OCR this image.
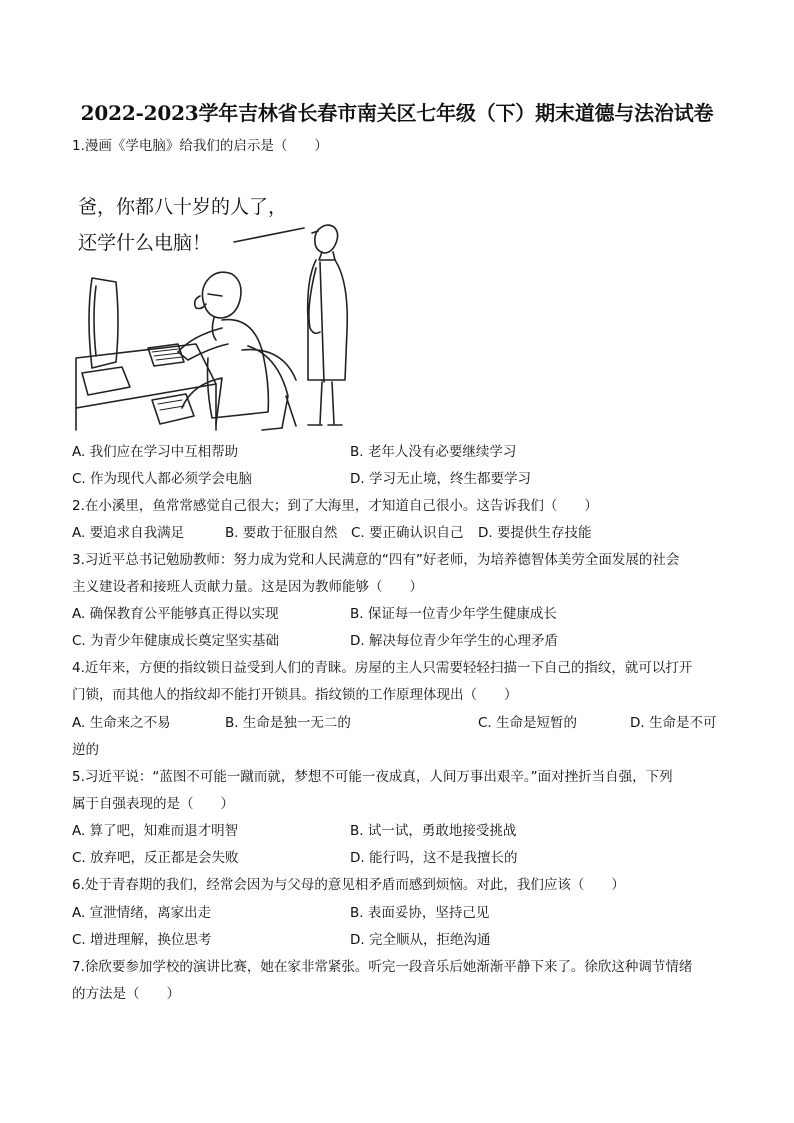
2022-2023学年吉林省长春市南关区七年级（下）期末道德与法治试卷
1.漫画《学电脑》给我们的启示是（　　）
爸，你都八十岁的人了，
还学什么电脑！
A. 我们应在学习中互相帮助	B. 老年人没有必要继续学习
C. 作为现代人都必须学会电脑	D. 学习无止境，终生都要学习
2.在小溪里，鱼常常感觉自己很大；到了大海里，才知道自己很小。这告诉我们（　　）
A. 要追求自我满足	B. 要敢于征服自然 C. 要正确认识自己 D. 要提供生存技能
3.习近平总书记勉励教师：努力成为党和人民满意的“四有”好老师，为培养德智体美劳全面发展的社会
主义建设者和接班人贡献力量。这是因为教师能够（　　）
A. 确保教育公平能够真正得以实现	B. 保证每一位青少年学生健康成长
C. 为青少年健康成长奠定坚实基础	D. 解决每位青少年学生的心理矛盾
4.近年来，方便的指纹锁日益受到人们的青睐。房屋的主人只需要轻轻扫描一下自己的指纹，就可以打开
门锁，而其他人的指纹却不能打开锁具。指纹锁的工作原理体现出（　　）
A. 生命来之不易	B. 生命是独一无二的	C. 生命是短暂的	D. 生命是不可
逆的
5.习近平说：“蓝图不可能一蹴而就，梦想不可能一夜成真，人间万事出艰辛。”面对挫折当自强，下列
属于自强表现的是（　　）
A. 算了吧，知难而退才明智	B. 试一试，勇敢地接受挑战
C. 放弃吧，反正都是会失败	D. 能行吗，这不是我擅长的
6.处于青春期的我们，经常会因为与父母的意见相矛盾而感到烦恼。对此，我们应该（　　）
A. 宣泄情绪，离家出走	B. 表面妥协，坚持己见
C. 增进理解，换位思考	D. 完全顺从，拒绝沟通
7.徐欣要参加学校的演讲比赛，她在家非常紧张。听完一段音乐后她渐渐平静下来了。徐欣这种调节情绪
的方法是（　　）
